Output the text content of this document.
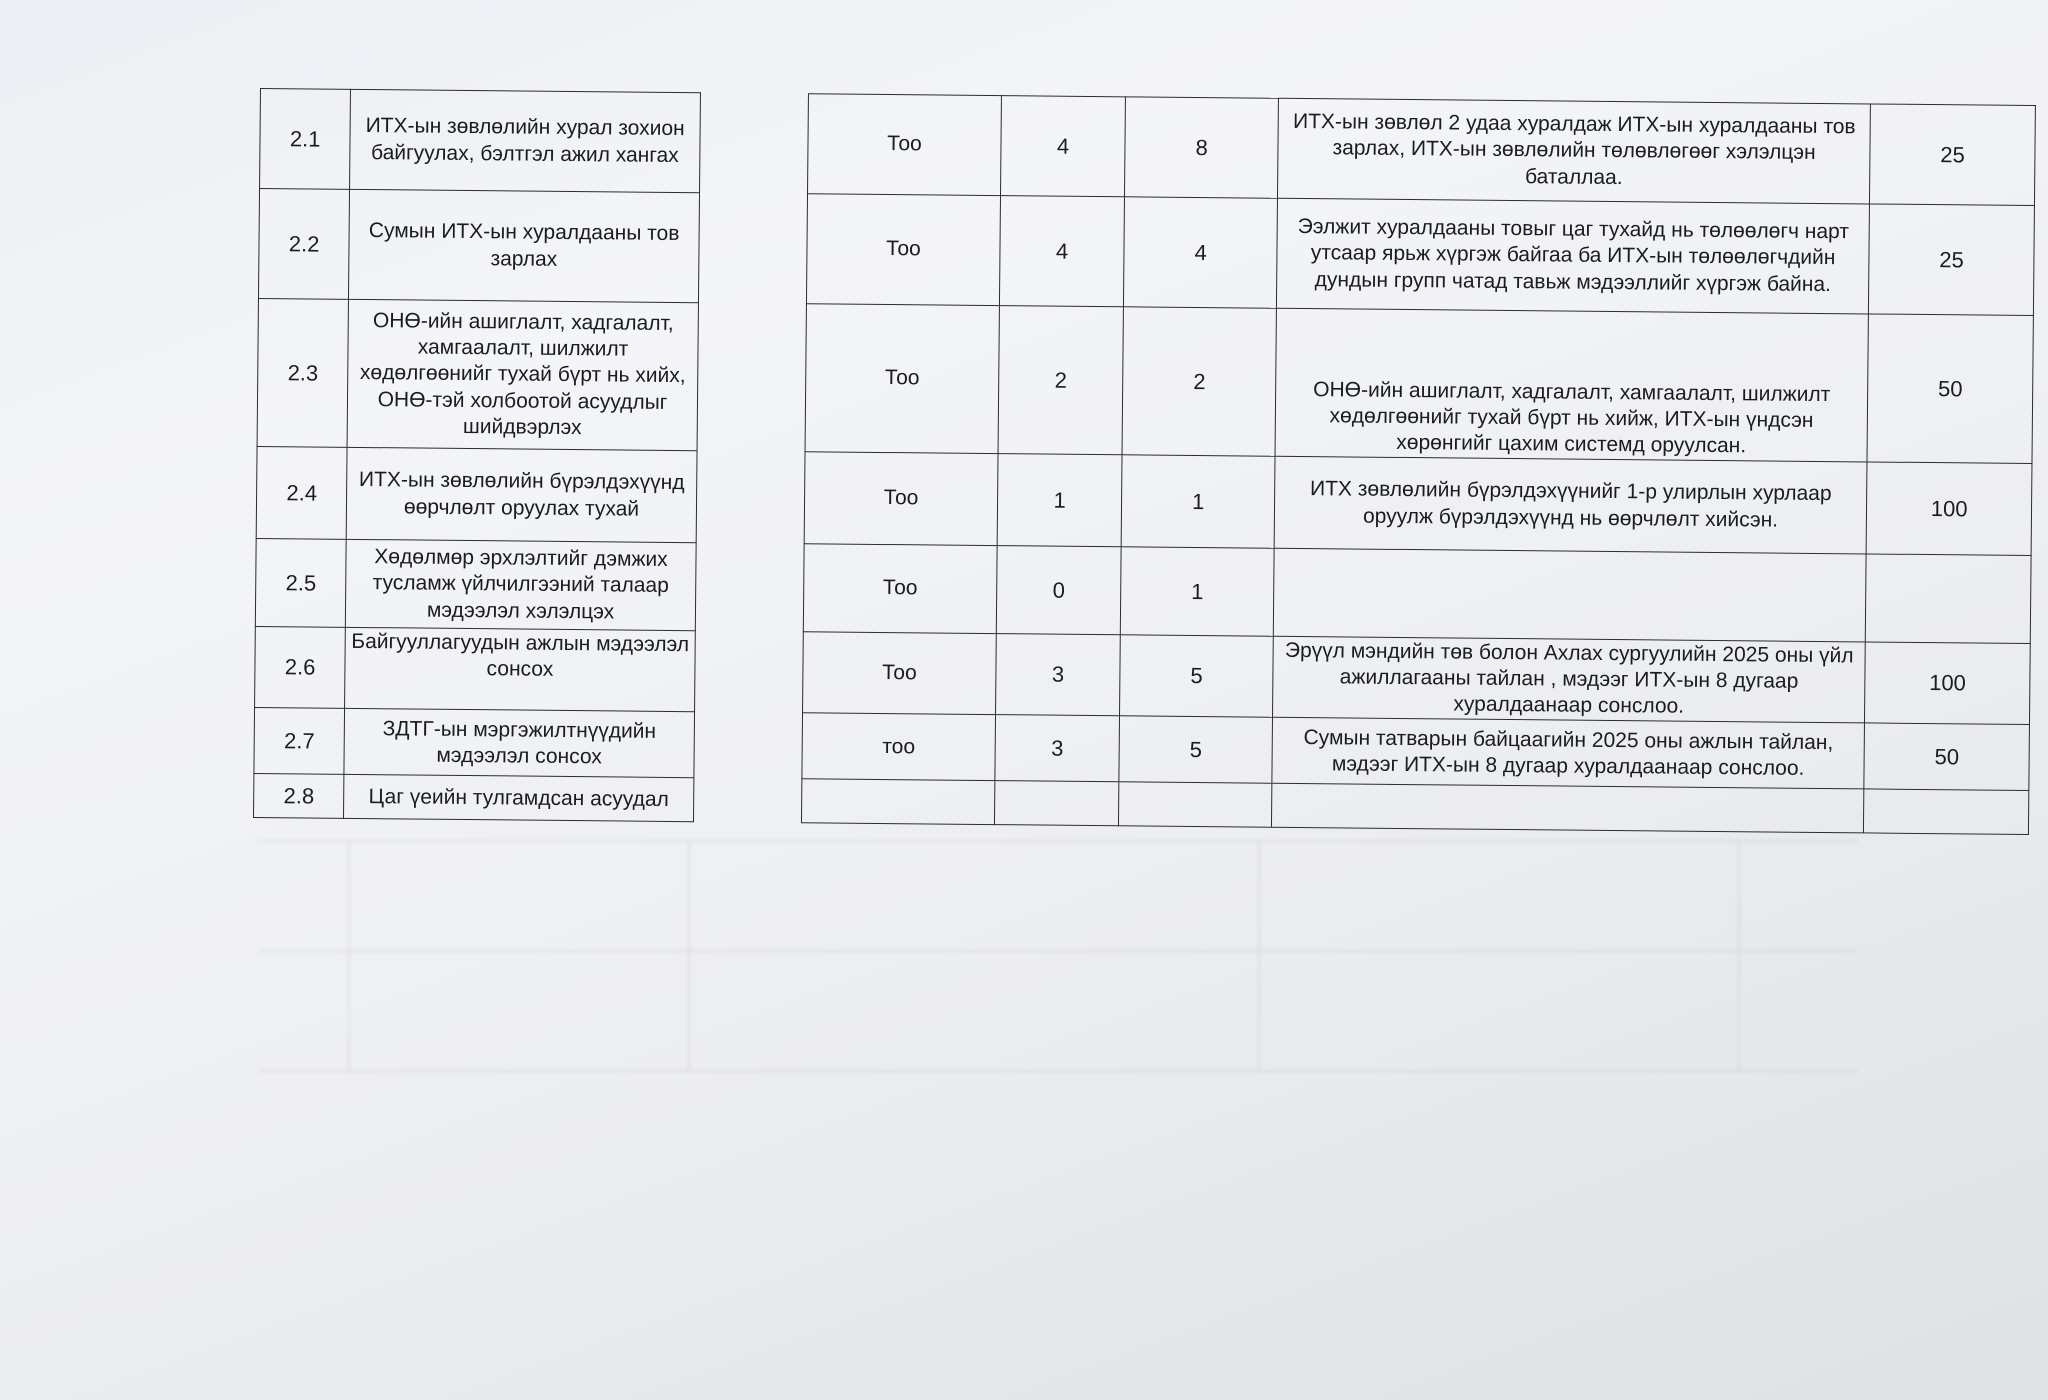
2.1	ИТХ-ын зөвлөлийн хурал зохион байгуулах, бэлтгэл ажил хангах		Тоо	4	8	ИТХ-ын зөвлөл 2 удаа хуралдаж ИТХ-ын хуралдааны тов зарлах, ИТХ-ын зөвлөлийн төлөвлөгөөг хэлэлцэн баталлаа.	25
2.2	Сумын ИТХ-ын хуралдааны тов зарлах		Тоо	4	4	Ээлжит хуралдааны товыг цаг тухайд нь төлөөлөгч нарт утсаар ярьж хүргэж байгаа ба ИТХ-ын төлөөлөгчдийн дундын групп чатад тавьж мэдээллийг хүргэж байна.	25
2.3	ОНӨ-ийн ашиглалт, хадгалалт, хамгаалалт, шилжилт хөдөлгөөнийг тухай бүрт нь хийх, ОНӨ-тэй холбоотой асуудлыг шийдвэрлэх		Тоо	2	2	ОНӨ-ийн ашиглалт, хадгалалт, хамгаалалт, шилжилт хөдөлгөөнийг тухай бүрт нь хийж, ИТХ-ын үндсэн хөрөнгийг цахим системд оруулсан.	50
2.4	ИТХ-ын зөвлөлийн бүрэлдэхүүнд өөрчлөлт оруулах тухай		Тоо	1	1	ИТХ зөвлөлийн бүрэлдэхүүнийг 1-р улирлын хурлаар оруулж бүрэлдэхүүнд нь өөрчлөлт хийсэн.	100
2.5	Хөдөлмөр эрхлэлтийг дэмжих тусламж үйлчилгээний талаар мэдээлэл хэлэлцэх		Тоо	0	1		
2.6	Байгууллагуудын ажлын мэдээлэл сонсох		Тоо	3	5	Эрүүл мэндийн төв болон Ахлах сургуулийн 2025 оны үйл ажиллагааны тайлан , мэдээг ИТХ-ын 8 дугаар хуралдаанаар сонслоо.	100
2.7	ЗДТГ-ын мэргэжилтнүүдийн мэдээлэл сонсох		тоо	3	5	Сумын татварын байцаагийн 2025 оны ажлын тайлан, мэдээг ИТХ-ын 8 дугаар хуралдаанаар сонслоо.	50
2.8	Цаг үеийн тулгамдсан асуудал						
